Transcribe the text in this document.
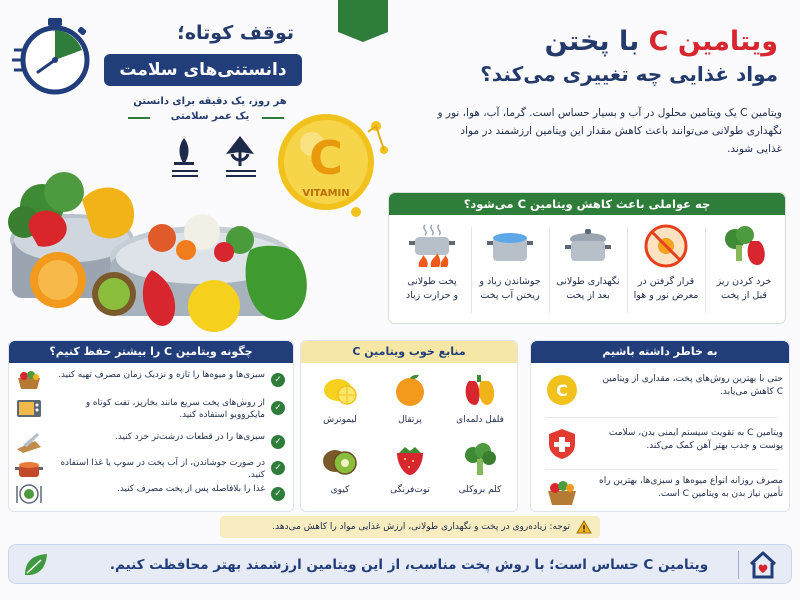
توقف کوتاه؛
دانستنی‌های سلامت
هر روز، یک دقیقه برای دانستن
یک عمر سلامتی
ویتامین C با پختن
مواد غذایی چه تغییری می‌کند؟
ویتامین C یک ویتامین محلول در آب و بسیار حساس است. گرما، آب، هوا، نور و نگهداری طولانی می‌توانند باعث کاهش مقدار این ویتامین ارزشمند در مواد غذایی شوند.
C
VITAMIN
چه عواملی باعث کاهش ویتامین C می‌شود؟
خرد کردن ریز
قبل از پخت
قرار گرفتن در
معرض نور و هوا
نگهداری طولانی
بعد از پخت
جوشاندن زیاد و
ریختن آب پخت
پخت طولانی
و حرارت زیاد
چگونه ویتامین C را بیشتر حفظ کنیم؟
✓
سبزی‌ها و میوه‌ها را تازه و نزدیک زمان مصرف تهیه کنید.
✓
از روش‌های پخت سریع مانند بخارپز، تفت کوتاه و مایکروویو استفاده کنید.
✓
سبزی‌ها را در قطعات درشت‌تر خرد کنید.
✓
در صورت جوشاندن، از آب پخت در سوپ یا غذا استفاده کنید.
✓
غذا را بلافاصله پس از پخت مصرف کنید.
منابع خوب ویتامین C
فلفل دلمه‌ای
پرتقال
لیموترش
کلم بروکلی
توت‌فرنگی
کیوی
به خاطر داشته باشیم
حتی با بهترین روش‌های پخت، مقداری از ویتامین C کاهش می‌یابد.
C
ویتامین C به تقویت سیستم ایمنی بدن، سلامت پوست و جذب بهتر آهن کمک می‌کند.
مصرف روزانه انواع میوه‌ها و سبزی‌ها، بهترین راه تأمین نیاز بدن به ویتامین C است.
توجه: زیاده‌روی در پخت و نگهداری طولانی، ارزش غذایی مواد را کاهش می‌دهد.
ویتامین C حساس است؛ با روش پخت مناسب، از این ویتامین ارزشمند بهتر محافظت کنیم.
